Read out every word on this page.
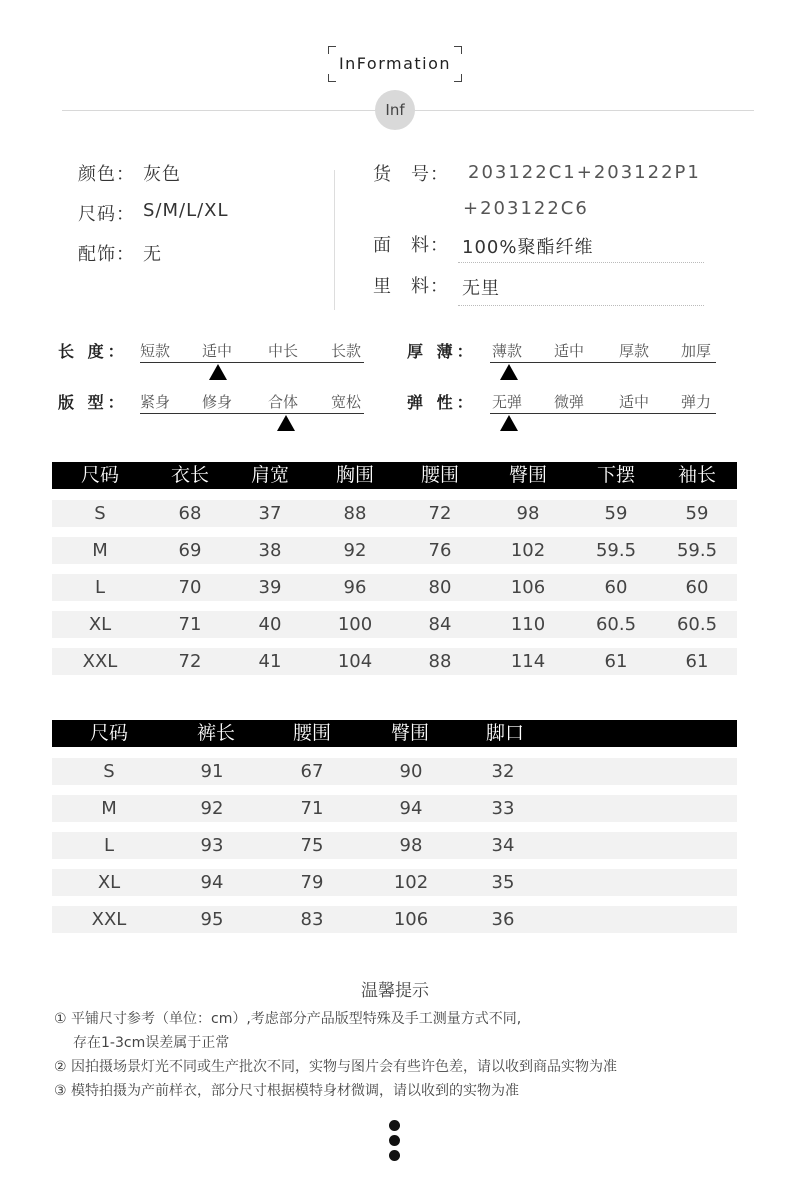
InFormation
Inf
颜色： 灰色
尺码： S/M/L/XL
配饰： 无
货　号： 203122C1+203122P1
+203122C6
面　料： 100%聚酯纤维
里　料： 无里
长 度： 短款 适中 中长 长款	厚 薄： 薄款 适中 厚款 加厚
版 型： 紧身 修身 合体 宽松	弹 性： 无弹 微弹 适中 弹力
尺码	衣长 肩宽 胸围 腰围	臀围	下摆 袖长
S	68	37	88	72	98	59	59
M	69	38	92	76	102	59.5 59.5
L	70	39	96	80	106	60	60
XL	71	40	100	84	110	60.5 60.5
XXL	72	41	104	88	114	61	61
尺码	裤长	腰围	臀围	脚口
S	91	67	90	32
M	92	71	94	33
L	93	75	98	34
XL	94	79	102	35
XXL	95	83	106	36
温馨提示
① 平铺尺寸参考（单位：cm）,考虑部分产品版型特殊及手工测量方式不同,
存在1-3cm误差属于正常
② 因拍摄场景灯光不同或生产批次不同，实物与图片会有些许色差，请以收到商品实物为准
③ 模特拍摄为产前样衣，部分尺寸根据模特身材微调，请以收到的实物为准
